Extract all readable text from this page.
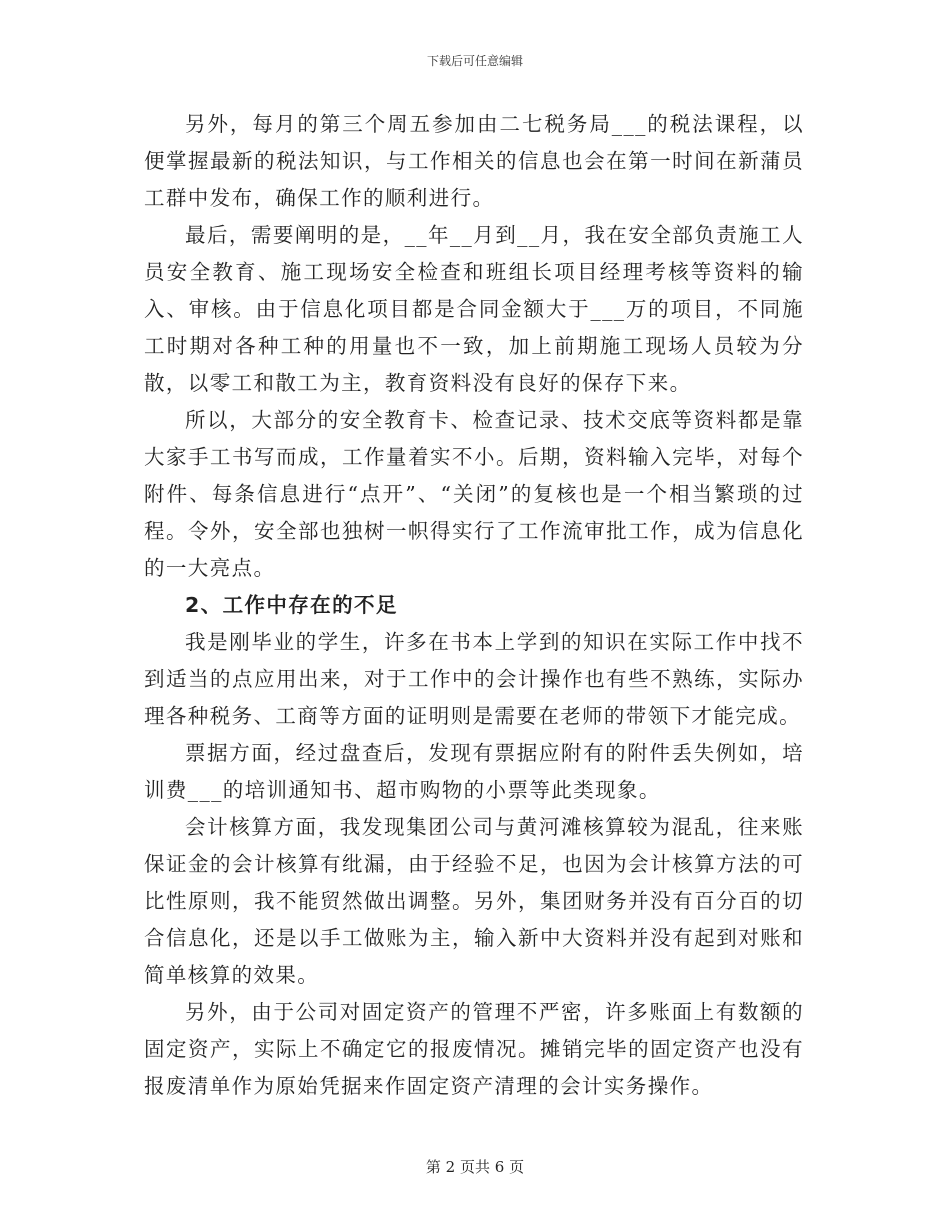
下载后可任意编辑

另外，每月的第三个周五参加由二七税务局___的税法课程，以便掌握最新的税法知识，与工作相关的信息也会在第一时间在新蒲员工群中发布，确保工作的顺利进行。

最后，需要阐明的是，__年__月到__月，我在安全部负责施工人员安全教育、施工现场安全检查和班组长项目经理考核等资料的输入、审核。由于信息化项目都是合同金额大于___万的项目，不同施工时期对各种工种的用量也不一致，加上前期施工现场人员较为分散，以零工和散工为主，教育资料没有良好的保存下来。

所以，大部分的安全教育卡、检查记录、技术交底等资料都是靠大家手工书写而成，工作量着实不小。后期，资料输入完毕，对每个附件、每条信息进行“点开”、“关闭”的复核也是一个相当繁琐的过程。令外，安全部也独树一帜得实行了工作流审批工作，成为信息化的一大亮点。

2、工作中存在的不足

我是刚毕业的学生，许多在书本上学到的知识在实际工作中找不到适当的点应用出来，对于工作中的会计操作也有些不熟练，实际办理各种税务、工商等方面的证明则是需要在老师的带领下才能完成。

票据方面，经过盘查后，发现有票据应附有的附件丢失例如，培训费___的培训通知书、超市购物的小票等此类现象。

会计核算方面，我发现集团公司与黄河滩核算较为混乱，往来账保证金的会计核算有纰漏，由于经验不足，也因为会计核算方法的可比性原则，我不能贸然做出调整。另外，集团财务并没有百分百的切合信息化，还是以手工做账为主，输入新中大资料并没有起到对账和简单核算的效果。

另外，由于公司对固定资产的管理不严密，许多账面上有数额的固定资产，实际上不确定它的报废情况。摊销完毕的固定资产也没有报废清单作为原始凭据来作固定资产清理的会计实务操作。

第 2 页共 6 页
